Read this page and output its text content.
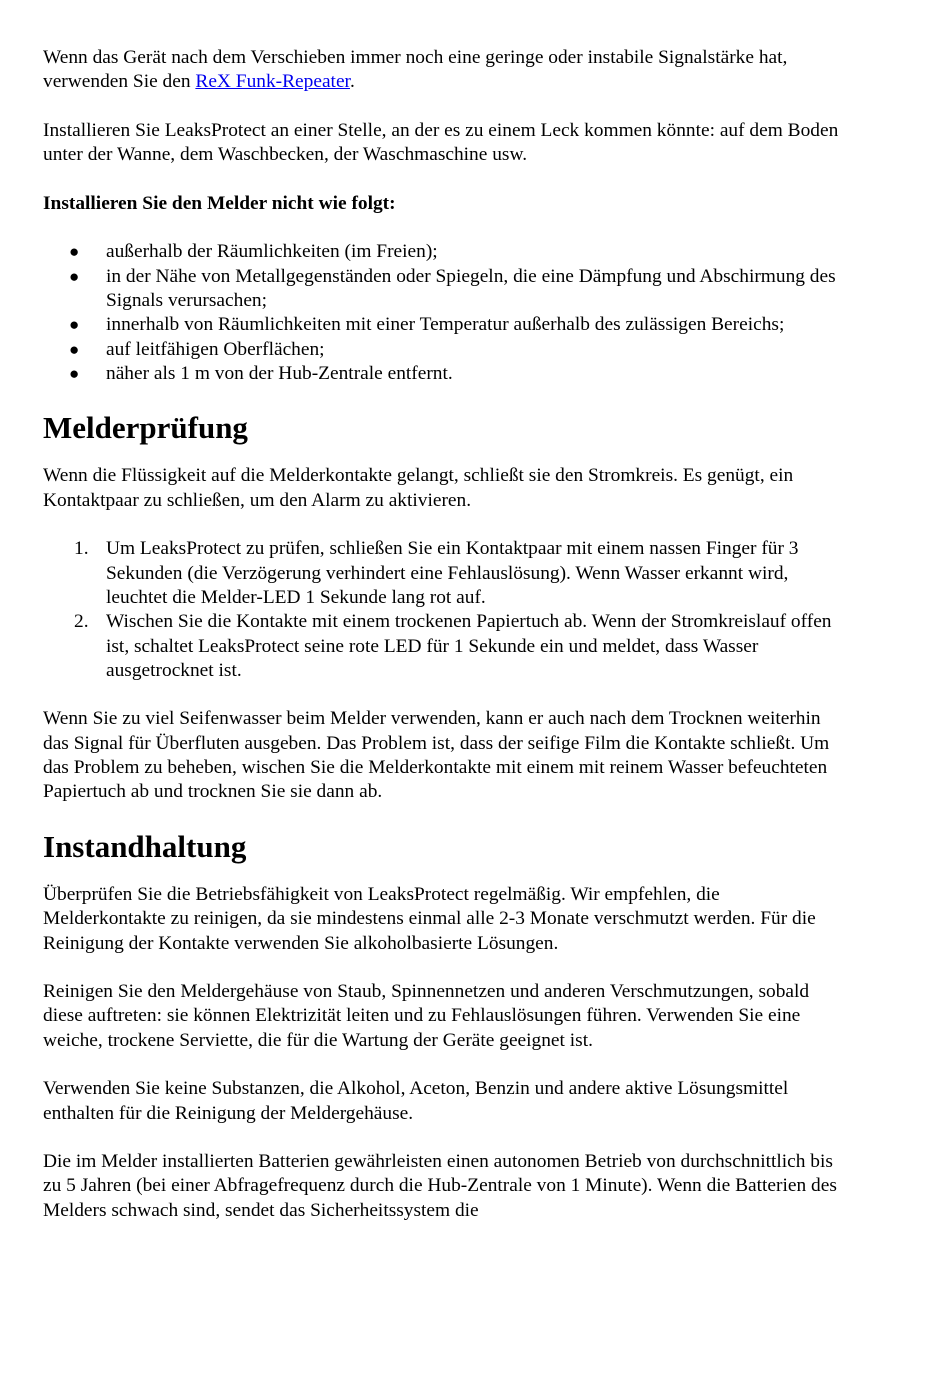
Wenn das Gerät nach dem Verschieben immer noch eine geringe oder instabile Signalstärke hat, verwenden Sie den ReX Funk-Repeater.

Installieren Sie LeaksProtect an einer Stelle, an der es zu einem Leck kommen könnte: auf dem Boden unter der Wanne, dem Waschbecken, der Waschmaschine usw.

Installieren Sie den Melder nicht wie folgt:

● außerhalb der Räumlichkeiten (im Freien);
● in der Nähe von Metallgegenständen oder Spiegeln, die eine Dämpfung und Abschirmung des Signals verursachen;
● innerhalb von Räumlichkeiten mit einer Temperatur außerhalb des zulässigen Bereichs;
● auf leitfähigen Oberflächen;
● näher als 1 m von der Hub-Zentrale entfernt.
Melderprüfung

Wenn die Flüssigkeit auf die Melderkontakte gelangt, schließt sie den Stromkreis. Es genügt, ein Kontaktpaar zu schließen, um den Alarm zu aktivieren.

1. Um LeaksProtect zu prüfen, schließen Sie ein Kontaktpaar mit einem nassen Finger für 3 Sekunden (die Verzögerung verhindert eine Fehlauslösung). Wenn Wasser erkannt wird, leuchtet die Melder-LED 1 Sekunde lang rot auf.
2. Wischen Sie die Kontakte mit einem trockenen Papiertuch ab. Wenn der Stromkreislauf offen ist, schaltet LeaksProtect seine rote LED für 1 Sekunde ein und meldet, dass Wasser ausgetrocknet ist.

Wenn Sie zu viel Seifenwasser beim Melder verwenden, kann er auch nach dem Trocknen weiterhin das Signal für Überfluten ausgeben. Das Problem ist, dass der seifige Film die Kontakte schließt. Um das Problem zu beheben, wischen Sie die Melderkontakte mit einem mit reinem Wasser befeuchteten Papiertuch ab und trocknen Sie sie dann ab.

Instandhaltung

Überprüfen Sie die Betriebsfähigkeit von LeaksProtect regelmäßig. Wir empfehlen, die Melderkontakte zu reinigen, da sie mindestens einmal alle 2-3 Monate verschmutzt werden. Für die Reinigung der Kontakte verwenden Sie alkoholbasierte Lösungen.

Reinigen Sie den Meldergehäuse von Staub, Spinnennetzen und anderen Verschmutzungen, sobald diese auftreten: sie können Elektrizität leiten und zu Fehlauslösungen führen. Verwenden Sie eine weiche, trockene Serviette, die für die Wartung der Geräte geeignet ist.

Verwenden Sie keine Substanzen, die Alkohol, Aceton, Benzin und andere aktive Lösungsmittel enthalten für die Reinigung der Meldergehäuse.

Die im Melder installierten Batterien gewährleisten einen autonomen Betrieb von durchschnittlich bis zu 5 Jahren (bei einer Abfragefrequenz durch die Hub-Zentrale von 1 Minute). Wenn die Batterien des Melders schwach sind, sendet das Sicherheitssystem die
